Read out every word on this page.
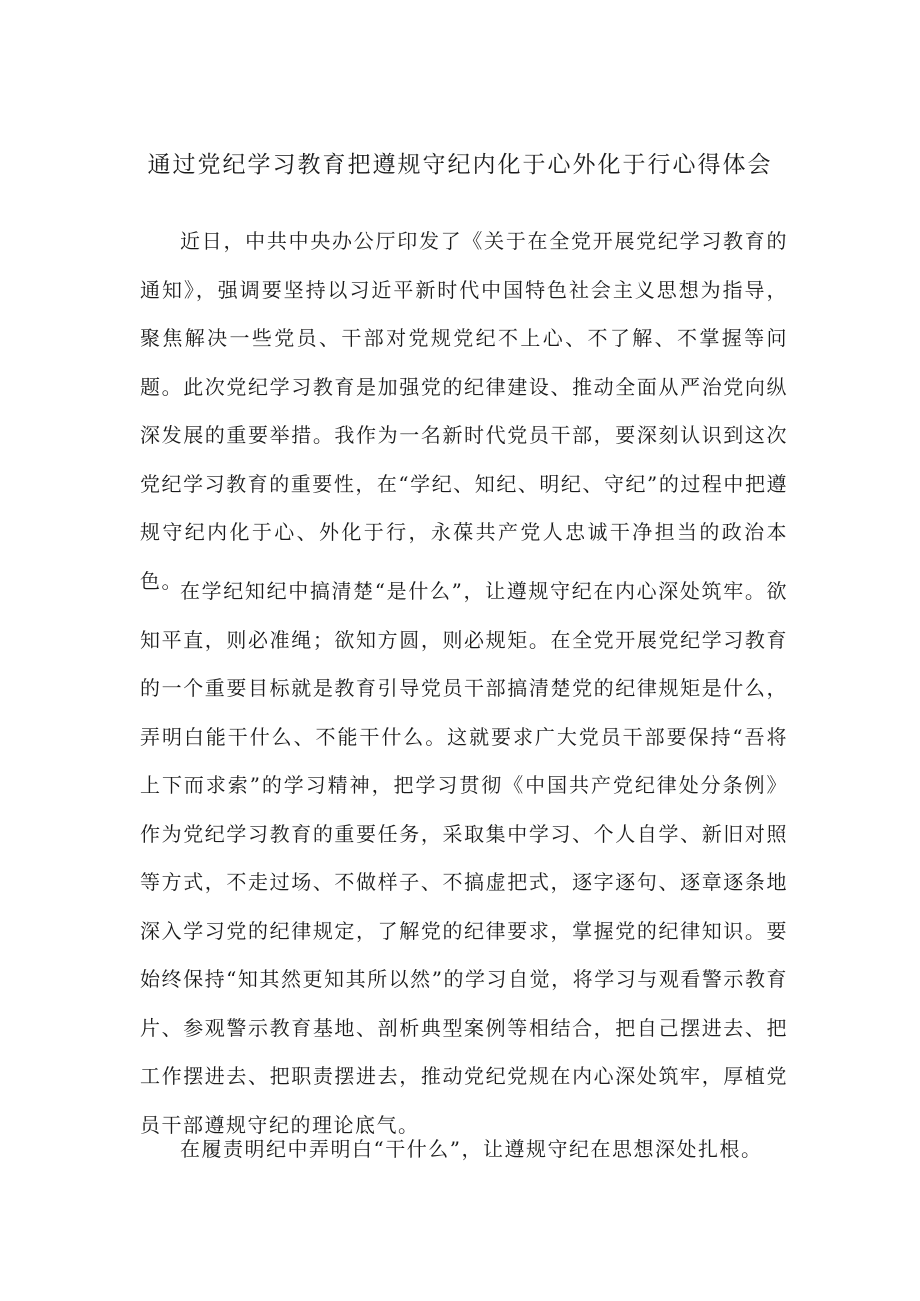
通过党纪学习教育把遵规守纪内化于心外化于行心得体会

近日，中共中央办公厅印发了《关于在全党开展党纪学习教育的通知》，强调要坚持以习近平新时代中国特色社会主义思想为指导，聚焦解决一些党员、干部对党规党纪不上心、不了解、不掌握等问题。此次党纪学习教育是加强党的纪律建设、推动全面从严治党向纵深发展的重要举措。我作为一名新时代党员干部，要深刻认识到这次党纪学习教育的重要性，在“学纪、知纪、明纪、守纪”的过程中把遵规守纪内化于心、外化于行，永葆共产党人忠诚干净担当的政治本色。

在学纪知纪中搞清楚“是什么”，让遵规守纪在内心深处筑牢。欲知平直，则必准绳；欲知方圆，则必规矩。在全党开展党纪学习教育的一个重要目标就是教育引导党员干部搞清楚党的纪律规矩是什么，弄明白能干什么、不能干什么。这就要求广大党员干部要保持“吾将上下而求索”的学习精神，把学习贯彻《中国共产党纪律处分条例》作为党纪学习教育的重要任务，采取集中学习、个人自学、新旧对照等方式，不走过场、不做样子、不搞虚把式，逐字逐句、逐章逐条地深入学习党的纪律规定，了解党的纪律要求，掌握党的纪律知识。要始终保持“知其然更知其所以然”的学习自觉，将学习与观看警示教育片、参观警示教育基地、剖析典型案例等相结合，把自己摆进去、把工作摆进去、把职责摆进去，推动党纪党规在内心深处筑牢，厚植党员干部遵规守纪的理论底气。

在履责明纪中弄明白“干什么”，让遵规守纪在思想深处扎根。
